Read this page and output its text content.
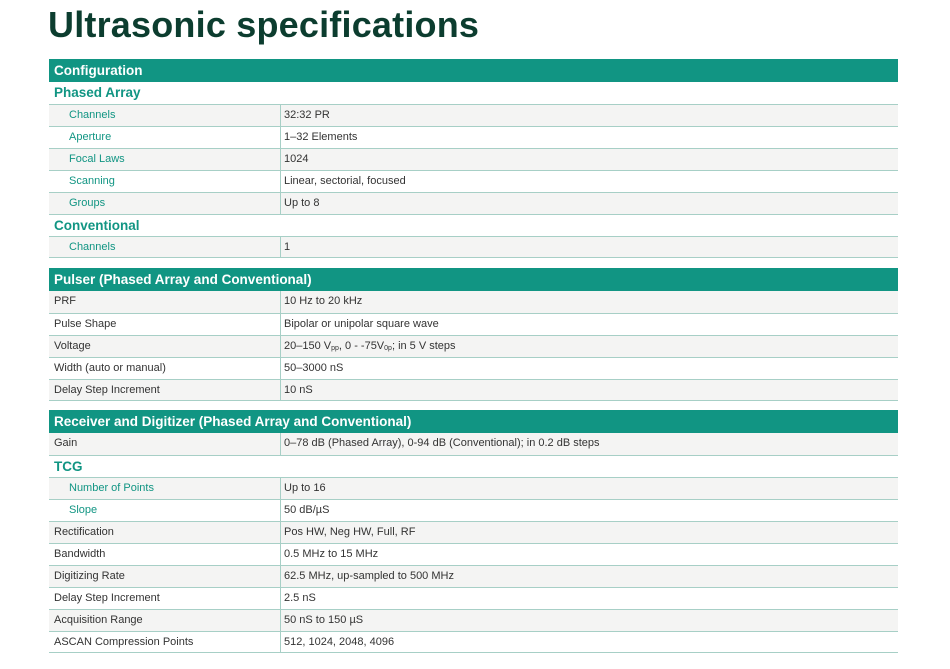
Ultrasonic specifications
Configuration
Phased Array
Channels	32:32 PR
Aperture	1–32 Elements
Focal Laws	1024
Scanning	Linear, sectorial, focused
Groups	Up to 8
Conventional
Channels	1
Pulser (Phased Array and Conventional)
PRF	10 Hz to 20 kHz
Pulse Shape	Bipolar or unipolar square wave
Voltage	20–150 $V_{pp}$, $0 - -75V_{0p}$; in 5 V steps
Width (auto or manual)	50–3000 nS
Delay Step Increment	10 nS
Receiver and Digitizer (Phased Array and Conventional)
Gain	0–78 dB (Phased Array), 0-94 dB (Conventional); in 0.2 dB steps
TCG
Number of Points	Up to 16
Slope	50 dB/µS
Rectification	Pos HW, Neg HW, Full, RF
Bandwidth	0.5 MHz to 15 MHz
Digitizing Rate	62.5 MHz, up-sampled to 500 MHz
Delay Step Increment	2.5 nS
Acquisition Range	50 nS to 150 µS
ASCAN Compression Points	512, 1024, 2048, 4096
